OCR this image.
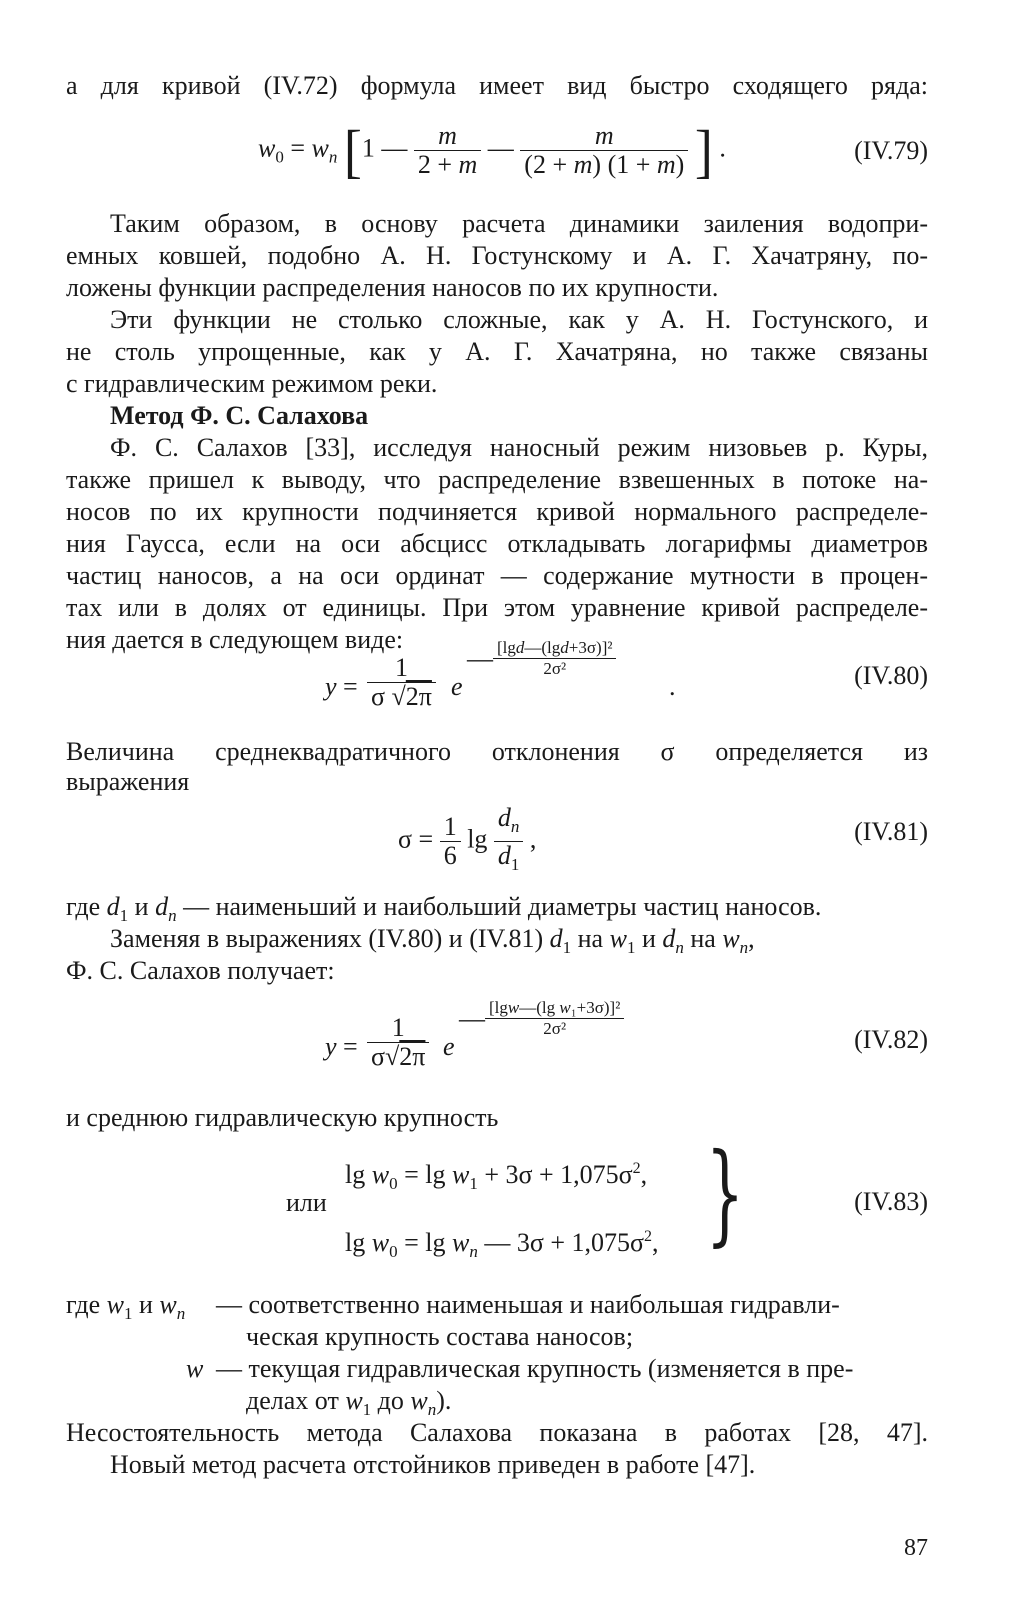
а для кривой (IV.72) формула имеет вид быстро сходящего ряда:
$w_0 = w_n$ [1 — $\frac{m}{2 + m}$ — $\frac{m}{(2 + m) (1 + m)}$ ] .	(IV.79)
Таким образом, в основу расчета динамики заиления водопри-
емных ковшей, подобно А. Н. Гостунскому и А. Г. Хачатряну, по-
ложены функции распределения наносов по их крупности.
Эти функции не столько сложные, как у А. Н. Гостунского, и
не столь упрощенные, как у А. Г. Хачатряна, но также связаны
с гидравлическим режимом реки.
Метод Ф. С. Салахова
Ф. С. Салахов [33], исследуя наносный режим низовьев р. Куры,
также пришел к выводу, что распределение взвешенных в потоке на-
носов по их крупности подчиняется кривой нормального распределе-
ния Гаусса, если на оси абсцисс откладывать логарифмы диаметров
частиц наносов, а на оси ординат — содержание мутности в процен-
тах или в долях от единицы. При этом уравнение кривой распределе-
ния дается в следующем виде:
$y = \frac{1}{\sigma √2\pi}$ e
— $\frac{\text{[lgd—(lgd+3σ)]²}}{\text{2σ²}}$
.	(IV.80)
Величина среднеквадратичного отклонения σ определяется из
выражения
$\sigma = \frac{1}{6}$ $\lg \frac{d_n}{d_1}$ ,	(IV.81)
где $d_1$ и $d_n$ — наименьший и наибольший диаметры частиц наносов.
Заменяя в выражениях (IV.80) и (IV.81) $d_1$ на $w_1$ и $d_n$ на $w_n$,
Ф. С. Салахов получает:
$y = \frac{1}{\sigma√2\pi}$ e
— $\frac{\text{[lgw—(lg w₁+3σ)]²}}{\text{2σ²}}$
(IV.82)
и среднюю гидравлическую крупность
$\lg w_0 = \lg w_1 + 3\sigma + 1,075\sigma^2$,
или
$\lg w_0 = \lg w_n$ — $3\sigma + 1,075\sigma^2$, }	(IV.83)
где $w_1$ и $w_n$ — соответственно наименьшая и наибольшая гидравли-
ческая крупность состава наносов;
w — текущая гидравлическая крупность (изменяется в пре-
делах от $w_1$ до $w_n$).
Несостоятельность метода Салахова показана в работах [28, 47].
Новый метод расчета отстойников приведен в работе [47].
87
